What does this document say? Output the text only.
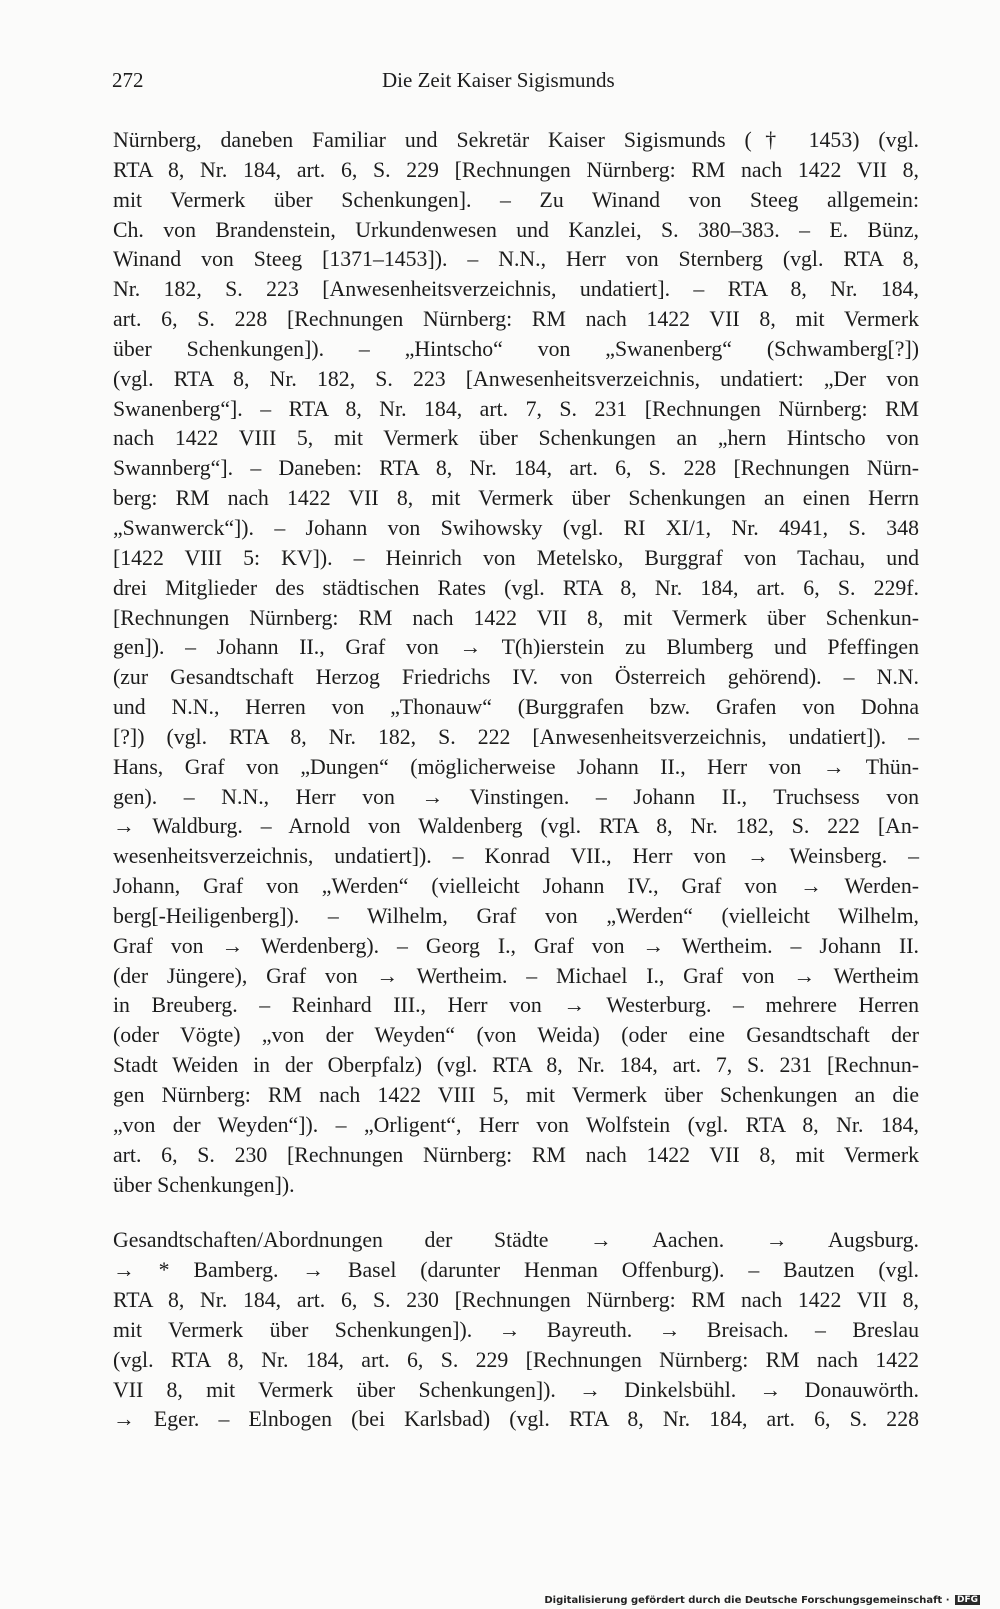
272	Die Zeit Kaiser Sigismunds
Nürnberg, daneben Familiar und Sekretär Kaiser Sigismunds († 1453) (vgl.
RTA 8, Nr. 184, art. 6, S. 229 [Rechnungen Nürnberg: RM nach 1422 VII 8,
mit Vermerk über Schenkungen]. – Zu Winand von Steeg allgemein:
Ch. von Brandenstein, Urkundenwesen und Kanzlei, S. 380–383. – E. Bünz,
Winand von Steeg [1371–1453]). – N.N., Herr von Sternberg (vgl. RTA 8,
Nr. 182, S. 223 [Anwesenheitsverzeichnis, undatiert]. – RTA 8, Nr. 184,
art. 6, S. 228 [Rechnungen Nürnberg: RM nach 1422 VII 8, mit Vermerk
über Schenkungen]). – „Hintscho“ von „Swanenberg“ (Schwamberg[?])
(vgl. RTA 8, Nr. 182, S. 223 [Anwesenheitsverzeichnis, undatiert: „Der von
Swanenberg“]. – RTA 8, Nr. 184, art. 7, S. 231 [Rechnungen Nürnberg: RM
nach 1422 VIII 5, mit Vermerk über Schenkungen an „hern Hintscho von
Swannberg“]. – Daneben: RTA 8, Nr. 184, art. 6, S. 228 [Rechnungen Nürn-
berg: RM nach 1422 VII 8, mit Vermerk über Schenkungen an einen Herrn
„Swanwerck“]). – Johann von Swihowsky (vgl. RI XI/1, Nr. 4941, S. 348
[1422 VIII 5: KV]). – Heinrich von Metelsko, Burggraf von Tachau, und
drei Mitglieder des städtischen Rates (vgl. RTA 8, Nr. 184, art. 6, S. 229f.
[Rechnungen Nürnberg: RM nach 1422 VII 8, mit Vermerk über Schenkun-
gen]). – Johann II., Graf von → T(h)ierstein zu Blumberg und Pfeffingen
(zur Gesandtschaft Herzog Friedrichs IV. von Österreich gehörend). – N.N.
und N.N., Herren von „Thonauw“ (Burggrafen bzw. Grafen von Dohna
[?]) (vgl. RTA 8, Nr. 182, S. 222 [Anwesenheitsverzeichnis, undatiert]). –
Hans, Graf von „Dungen“ (möglicherweise Johann II., Herr von → Thün-
gen). – N.N., Herr von → Vinstingen. – Johann II., Truchsess von
→ Waldburg. – Arnold von Waldenberg (vgl. RTA 8, Nr. 182, S. 222 [An-
wesenheitsverzeichnis, undatiert]). – Konrad VII., Herr von → Weinsberg. –
Johann, Graf von „Werden“ (vielleicht Johann IV., Graf von → Werden-
berg[-Heiligenberg]). – Wilhelm, Graf von „Werden“ (vielleicht Wilhelm,
Graf von → Werdenberg). – Georg I., Graf von → Wertheim. – Johann II.
(der Jüngere), Graf von → Wertheim. – Michael I., Graf von → Wertheim
in Breuberg. – Reinhard III., Herr von → Westerburg. – mehrere Herren
(oder Vögte) „von der Weyden“ (von Weida) (oder eine Gesandtschaft der
Stadt Weiden in der Oberpfalz) (vgl. RTA 8, Nr. 184, art. 7, S. 231 [Rechnun-
gen Nürnberg: RM nach 1422 VIII 5, mit Vermerk über Schenkungen an die
„von der Weyden“]). – „Orligent“, Herr von Wolfstein (vgl. RTA 8, Nr. 184,
art. 6, S. 230 [Rechnungen Nürnberg: RM nach 1422 VII 8, mit Vermerk
über Schenkungen]).
Gesandtschaften/Abordnungen der Städte → Aachen. → Augsburg.
→ * Bamberg. → Basel (darunter Henman Offenburg). – Bautzen (vgl.
RTA 8, Nr. 184, art. 6, S. 230 [Rechnungen Nürnberg: RM nach 1422 VII 8,
mit Vermerk über Schenkungen]). → Bayreuth. → Breisach. – Breslau
(vgl. RTA 8, Nr. 184, art. 6, S. 229 [Rechnungen Nürnberg: RM nach 1422
VII 8, mit Vermerk über Schenkungen]). → Dinkelsbühl. → Donauwörth.
→ Eger. – Elnbogen (bei Karlsbad) (vgl. RTA 8, Nr. 184, art. 6, S. 228
Digitalisierung gefördert durch die Deutsche Forschungsgemeinschaft · DFG
